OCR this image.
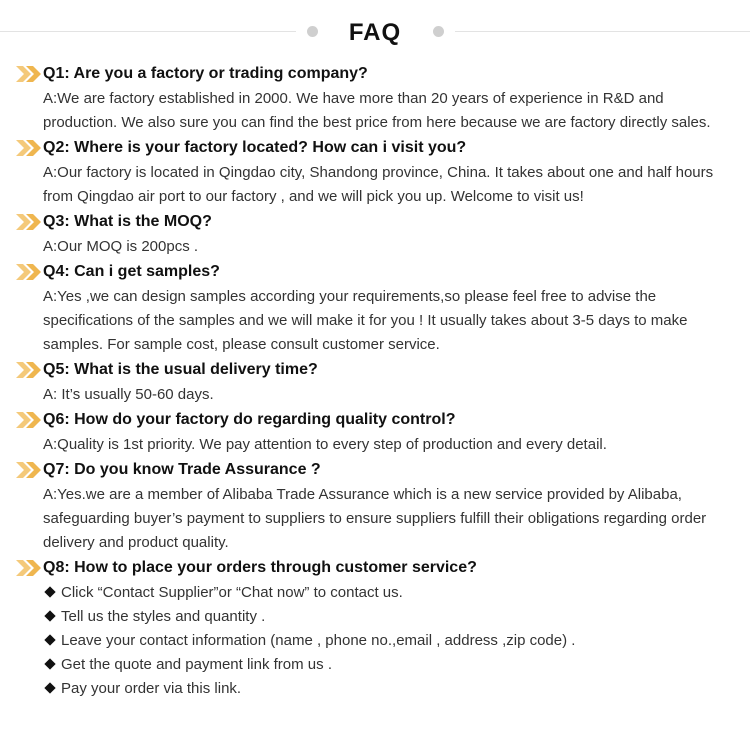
FAQ
Q1: Are you a factory or trading company?
A:We are factory established in 2000. We have more than 20 years of experience in R&D and production. We also sure you can find the best price from here because we are factory directly sales.
Q2: Where is your factory located? How can i visit you?
A:Our factory is located in Qingdao city, Shandong province, China. It takes about one and half hours from Qingdao air port to our factory , and we will pick you up. Welcome to visit us!
Q3: What is the MOQ?
A:Our MOQ is 200pcs .
Q4: Can i get samples?
A:Yes ,we can design samples according your requirements,so please feel free to advise the specifications of the samples and we will make it for you ! It usually takes about 3-5 days to make samples. For sample cost, please consult customer service.
Q5: What is the usual delivery time?
A: It’s usually 50-60 days.
Q6: How do your factory do regarding quality control?
A:Quality is 1st priority. We pay attention to every step of production and every detail.
Q7: Do you know Trade Assurance ?
A:Yes.we are a member of Alibaba Trade Assurance which is a new service provided by Alibaba, safeguarding buyer’s payment to suppliers to ensure suppliers fulfill their obligations regarding order delivery and product quality.
Q8: How to place your orders through customer service?
Click “Contact Supplier”or “Chat now” to contact us.
Tell us the styles and quantity .
Leave your contact information (name , phone no.,email , address ,zip code) .
Get the quote and payment link from us .
Pay your order via this link.
